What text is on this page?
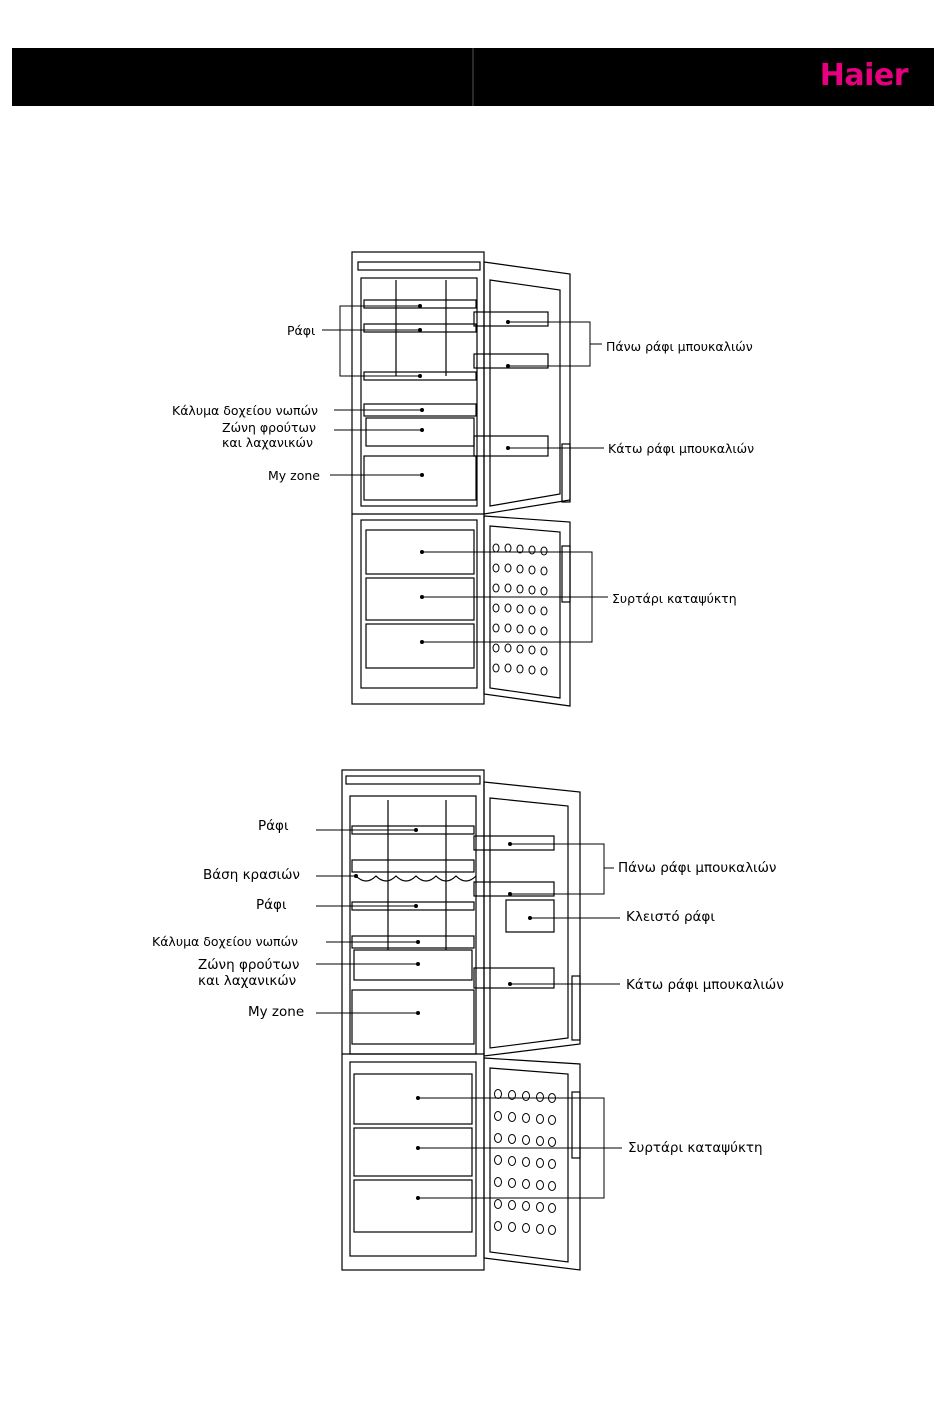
Haier
Ράφι
Κάλυμα δοχείου νωπών
Ζώνη φρούτων
και λαχανικών
My zone
Πάνω ράφι μπουκαλιών
Κάτω ράφι μπουκαλιών
Συρτάρι καταψύκτη
Ράφι
Βάση κρασιών
Ράφι
Κάλυμα δοχείου νωπών
Ζώνη φρούτων
και λαχανικών
My zone
Πάνω ράφι μπουκαλιών
Κλειστό ράφι
Κάτω ράφι μπουκαλιών
Συρτάρι καταψύκτη
